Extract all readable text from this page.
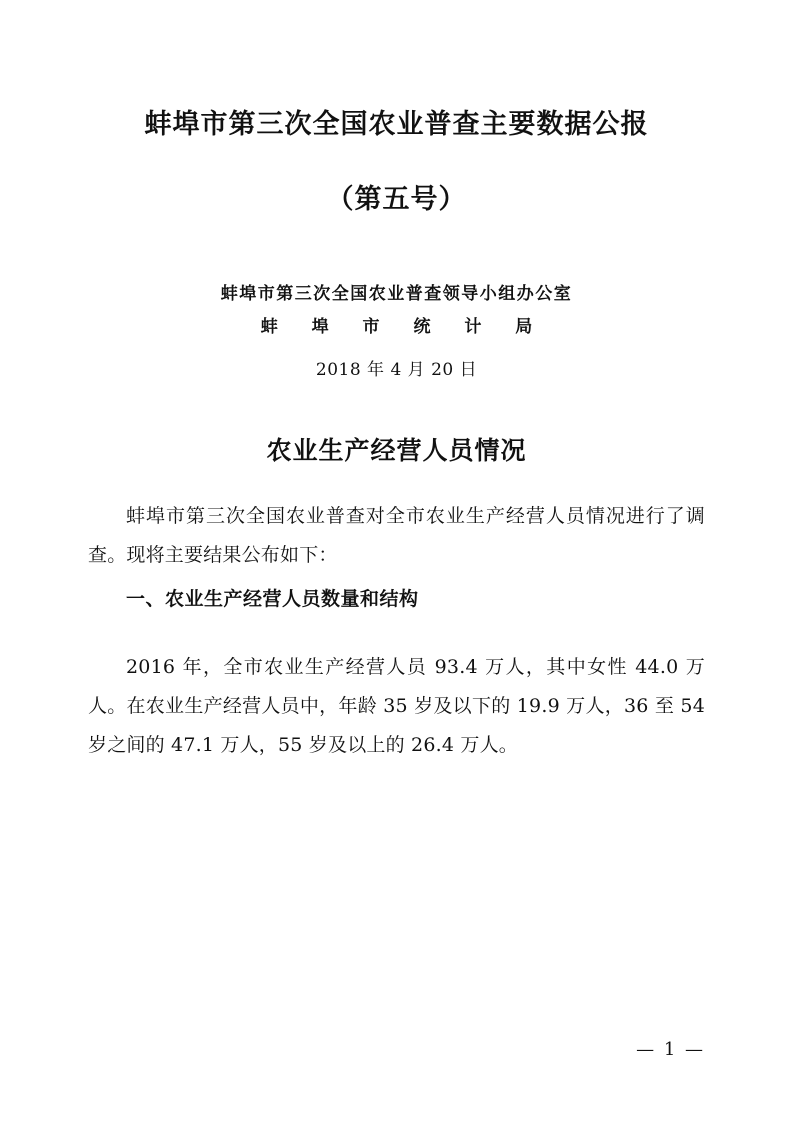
蚌埠市第三次全国农业普查主要数据公报
（第五号）
蚌埠市第三次全国农业普查领导小组办公室
蚌 埠 市 统 计 局
2018 年 4 月 20 日
农业生产经营人员情况

蚌埠市第三次全国农业普查对全市农业生产经营人员情况进行了调查。现将主要结果公布如下：

一、农业生产经营人员数量和结构

2016 年，全市农业生产经营人员 93.4 万人，其中女性 44.0 万人。在农业生产经营人员中，年龄 35 岁及以下的 19.9 万人，36 至 54 岁之间的 47.1 万人，55 岁及以上的 26.4 万人。

— 1 —
